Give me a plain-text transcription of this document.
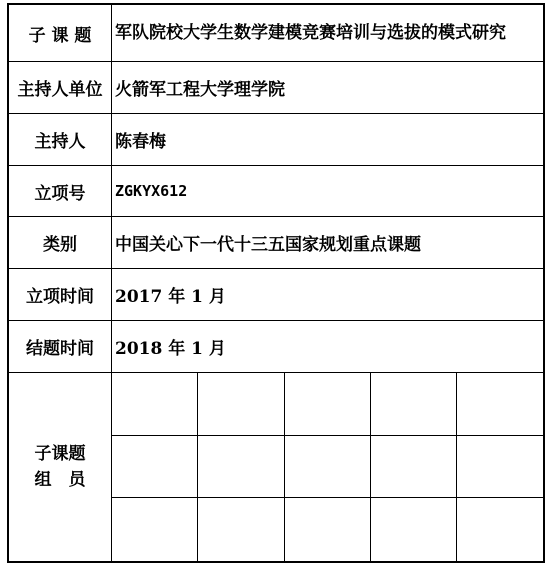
子 课 题	军队院校大学生数学建模竞赛培训与选拔的模式研究
主持人单位 火箭军工程大学理学院
主持人	陈春梅
立项号	ZGKYX612
类别	中国关心下一代十三五国家规划重点课题
立项时间	2017 年 1 月
结题时间	2018 年 1 月
子课题
组　员
